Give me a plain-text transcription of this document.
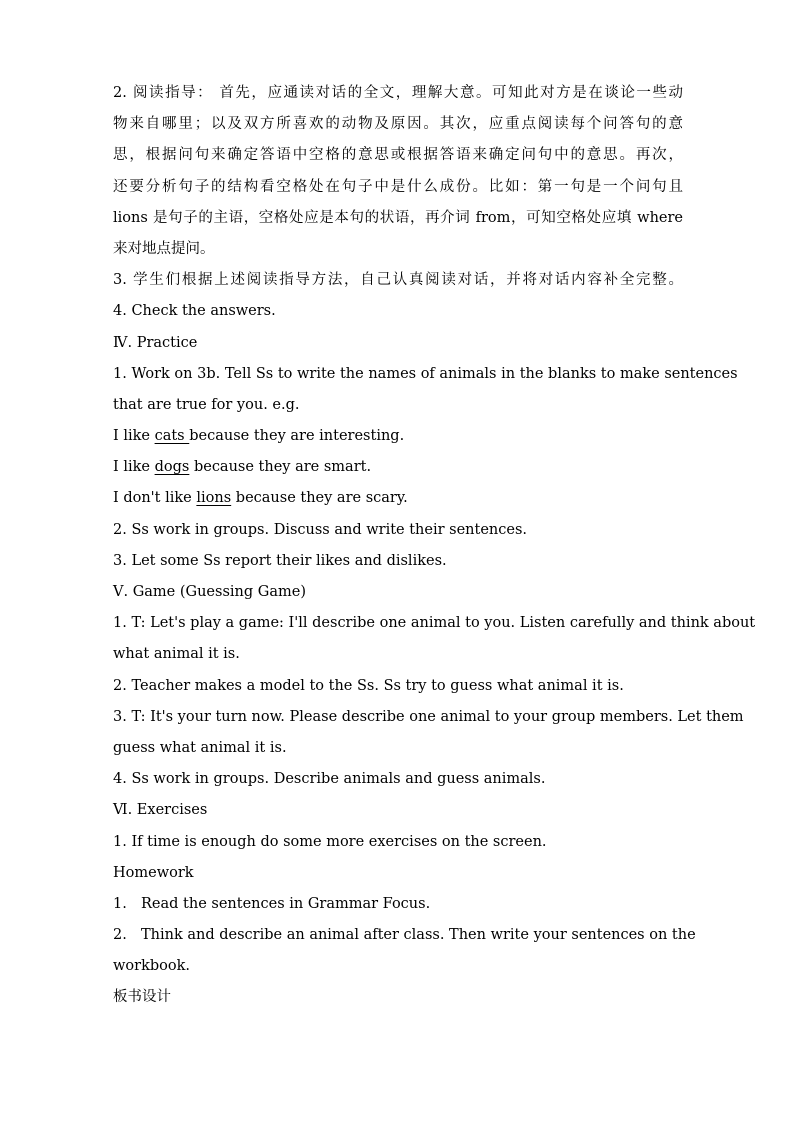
2. 阅读指导： 首先，应通读对话的全文，理解大意。可知此对方是在谈论一些动
物来自哪里；以及双方所喜欢的动物及原因。其次，应重点阅读每个问答句的意
思，根据问句来确定答语中空格的意思或根据答语来确定问句中的意思。再次，
还要分析句子的结构看空格处在句子中是什么成份。比如：第一句是一个问句且
lions 是句子的主语，空格处应是本句的状语，再介词 from，可知空格处应填 where
来对地点提问。
3. 学生们根据上述阅读指导方法，自己认真阅读对话，并将对话内容补全完整。
4. Check the answers.
Ⅳ. Practice
1. Work on 3b. Tell Ss to write the names of animals in the blanks to make sentences
that are true for you. e.g.
I like cats because they are interesting.
I like dogs because they are smart.
I don't like lions because they are scary.
2. Ss work in groups. Discuss and write their sentences.
3. Let some Ss report their likes and dislikes.
Ⅴ. Game (Guessing Game)
1. T: Let's play a game: I'll describe one animal to you. Listen carefully and think about
what animal it is.
2. Teacher makes a model to the Ss. Ss try to guess what animal it is.
3. T: It's your turn now. Please describe one animal to your group members. Let them
guess what animal it is.
4. Ss work in groups. Describe animals and guess animals.
Ⅵ. Exercises
1. If time is enough do some more exercises on the screen.
Homework
1. Read the sentences in Grammar Focus.
2. Think and describe an animal after class. Then write your sentences on the
workbook.
板书设计
